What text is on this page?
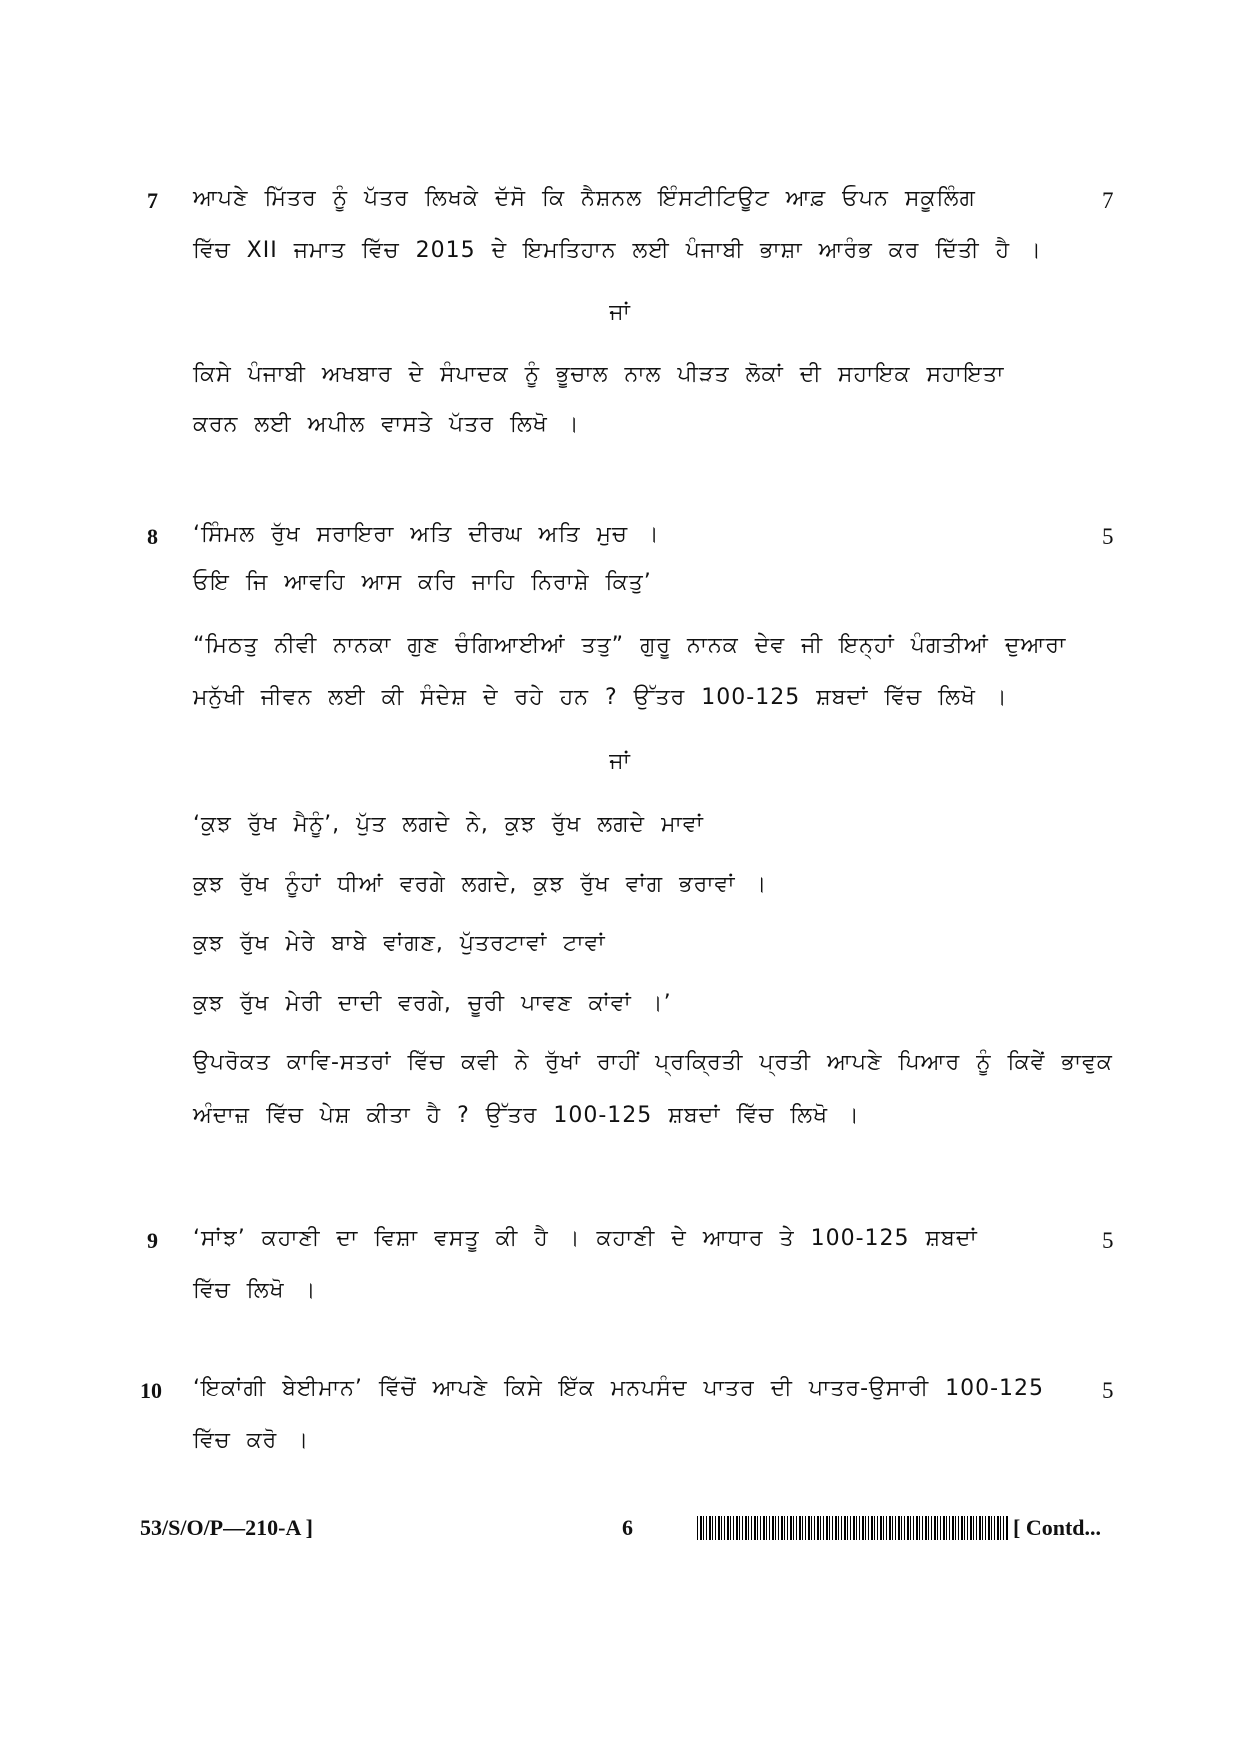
7 ਆਪਣੇ ਮਿੱਤਰ ਨੂੰ ਪੱਤਰ ਲਿਖਕੇ ਦੱਸੋ ਕਿ ਨੈਸ਼ਨਲ ਇੰਸਟੀਟਿਊਟ ਆਫ਼ ਓਪਨ ਸਕੂਲਿੰਗ	7
ਵਿੱਚ XII ਜਮਾਤ ਵਿੱਚ 2015 ਦੇ ਇਮਤਿਹਾਨ ਲਈ ਪੰਜਾਬੀ ਭਾਸ਼ਾ ਆਰੰਭ ਕਰ ਦਿੱਤੀ ਹੈ ।
ਜਾਂ
ਕਿਸੇ ਪੰਜਾਬੀ ਅਖਬਾਰ ਦੇ ਸੰਪਾਦਕ ਨੂੰ ਭੂਚਾਲ ਨਾਲ ਪੀੜਤ ਲੋਕਾਂ ਦੀ ਸਹਾਇਕ ਸਹਾਇਤਾ
ਕਰਨ ਲਈ ਅਪੀਲ ਵਾਸਤੇ ਪੱਤਰ ਲਿਖੋ ।
8 ‘ਸਿੰਮਲ ਰੁੱਖ ਸਰਾਇਰਾ ਅਤਿ ਦੀਰਘ ਅਤਿ ਮੁਚ ।	5
ਓਇ ਜਿ ਆਵਹਿ ਆਸ ਕਰਿ ਜਾਹਿ ਨਿਰਾਸ਼ੇ ਕਿਤੁ’
“ਮਿਠਤੁ ਨੀਵੀ ਨਾਨਕਾ ਗੁਣ ਚੰਗਿਆਈਆਂ ਤਤੁ” ਗੁਰੂ ਨਾਨਕ ਦੇਵ ਜੀ ਇਨ੍ਹਾਂ ਪੰਗਤੀਆਂ ਦੁਆਰਾ
ਮਨੁੱਖੀ ਜੀਵਨ ਲਈ ਕੀ ਸੰਦੇਸ਼ ਦੇ ਰਹੇ ਹਨ ? ਉੱਤਰ 100-125 ਸ਼ਬਦਾਂ ਵਿੱਚ ਲਿਖੋ ।
ਜਾਂ
‘ਕੁਝ ਰੁੱਖ ਮੈਨੂੰ’, ਪੁੱਤ ਲਗਦੇ ਨੇ, ਕੁਝ ਰੁੱਖ ਲਗਦੇ ਮਾਵਾਂ
ਕੁਝ ਰੁੱਖ ਨੂੰਹਾਂ ਧੀਆਂ ਵਰਗੇ ਲਗਦੇ, ਕੁਝ ਰੁੱਖ ਵਾਂਗ ਭਰਾਵਾਂ ।
ਕੁਝ ਰੁੱਖ ਮੇਰੇ ਬਾਬੇ ਵਾਂਗਣ, ਪੁੱਤਰਟਾਵਾਂ ਟਾਵਾਂ
ਕੁਝ ਰੁੱਖ ਮੇਰੀ ਦਾਦੀ ਵਰਗੇ, ਚੂਰੀ ਪਾਵਣ ਕਾਂਵਾਂ ।’
ਉਪਰੋਕਤ ਕਾਵਿ-ਸਤਰਾਂ ਵਿੱਚ ਕਵੀ ਨੇ ਰੁੱਖਾਂ ਰਾਹੀਂ ਪ੍ਰਕ੍ਰਿਤੀ ਪ੍ਰਤੀ ਆਪਣੇ ਪਿਆਰ ਨੂੰ ਕਿਵੇਂ ਭਾਵੁਕ
ਅੰਦਾਜ਼ ਵਿੱਚ ਪੇਸ਼ ਕੀਤਾ ਹੈ ? ਉੱਤਰ 100-125 ਸ਼ਬਦਾਂ ਵਿੱਚ ਲਿਖੋ ।
9 ‘ਸਾਂਝ’ ਕਹਾਣੀ ਦਾ ਵਿਸ਼ਾ ਵਸਤੂ ਕੀ ਹੈ । ਕਹਾਣੀ ਦੇ ਆਧਾਰ ਤੇ 100-125 ਸ਼ਬਦਾਂ	5
ਵਿੱਚ ਲਿਖੋ ।
10 ‘ਇਕਾਂਗੀ ਬੇਈਮਾਨ’ ਵਿੱਚੋਂ ਆਪਣੇ ਕਿਸੇ ਇੱਕ ਮਨਪਸੰਦ ਪਾਤਰ ਦੀ ਪਾਤਰ-ਉਸਾਰੀ 100-125	5
ਵਿੱਚ ਕਰੋ ।
53/S/O/P—210-A ]	6	[ Contd...
